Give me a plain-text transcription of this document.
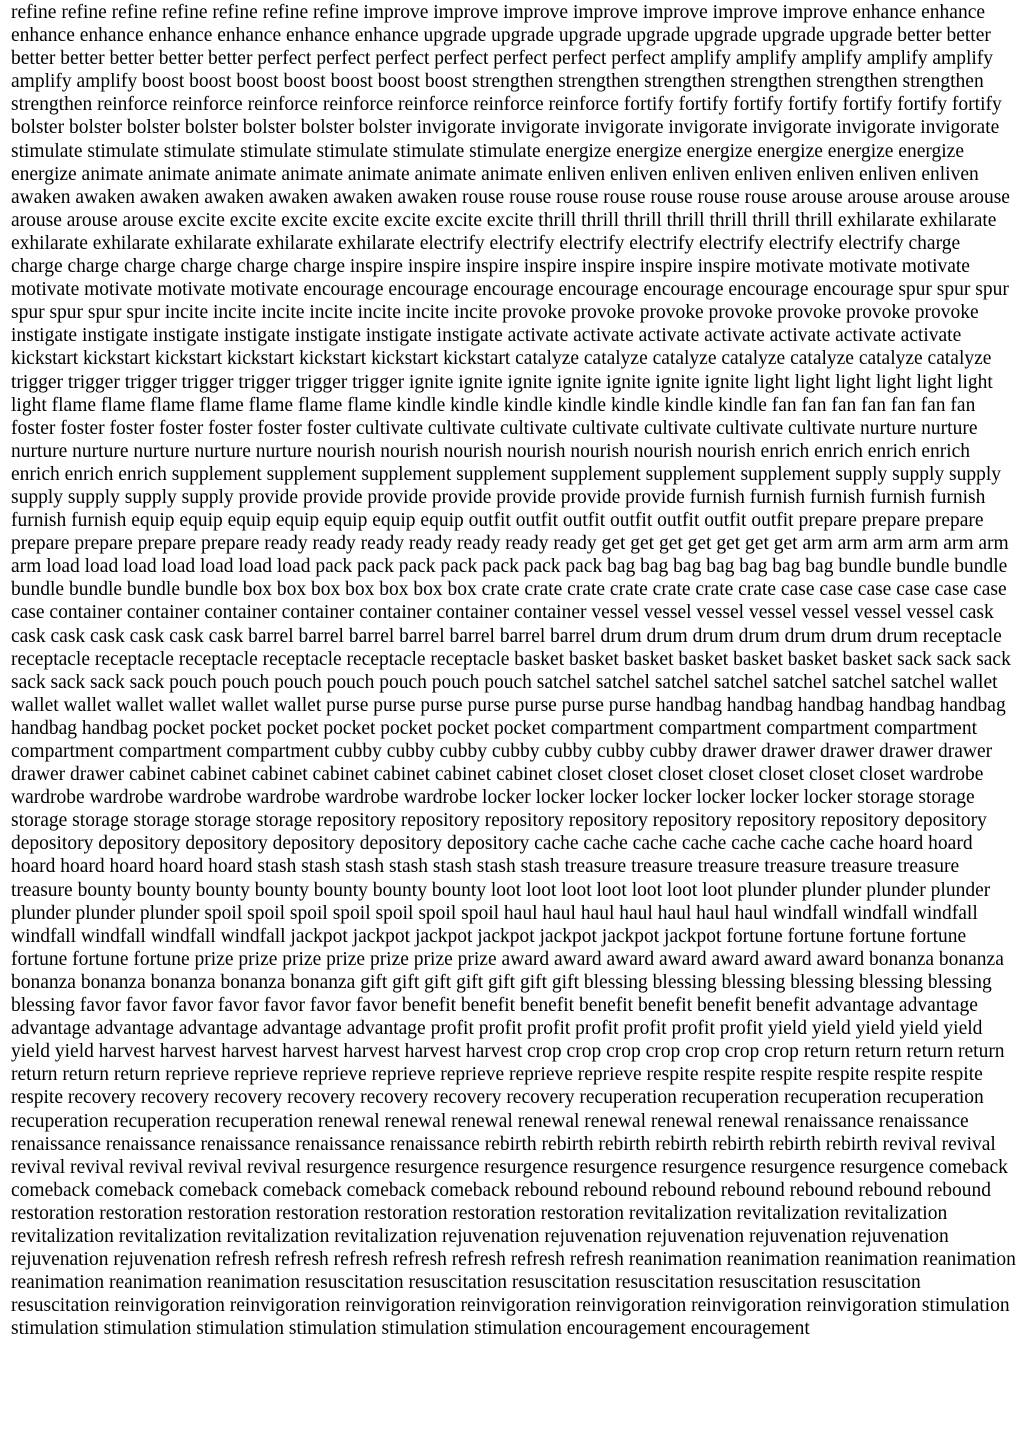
refine refine refine refine refine refine refine improve improve improve improve improve improve improve enhance enhance enhance enhance enhance enhance enhance enhance upgrade upgrade upgrade upgrade upgrade upgrade upgrade better better better better better better better perfect perfect perfect perfect perfect perfect perfect amplify amplify amplify amplify amplify amplify amplify boost boost boost boost boost boost boost strengthen strengthen strengthen strengthen strengthen strengthen strengthen reinforce reinforce reinforce reinforce reinforce reinforce reinforce fortify fortify fortify fortify fortify fortify fortify bolster bolster bolster bolster bolster bolster bolster invigorate invigorate invigorate invigorate invigorate invigorate invigorate stimulate stimulate stimulate stimulate stimulate stimulate stimulate energize energize energize energize energize energize energize animate animate animate animate animate animate animate enliven enliven enliven enliven enliven enliven enliven awaken awaken awaken awaken awaken awaken awaken rouse rouse rouse rouse rouse rouse rouse arouse arouse arouse arouse arouse arouse arouse excite excite excite excite excite excite excite thrill thrill thrill thrill thrill thrill thrill exhilarate exhilarate exhilarate exhilarate exhilarate exhilarate exhilarate electrify electrify electrify electrify electrify electrify electrify charge charge charge charge charge charge charge inspire inspire inspire inspire inspire inspire inspire motivate motivate motivate motivate motivate motivate motivate encourage encourage encourage encourage encourage encourage encourage spur spur spur spur spur spur spur incite incite incite incite incite incite incite provoke provoke provoke provoke provoke provoke provoke instigate instigate instigate instigate instigate instigate instigate activate activate activate activate activate activate activate kickstart kickstart kickstart kickstart kickstart kickstart kickstart catalyze catalyze catalyze catalyze catalyze catalyze catalyze trigger trigger trigger trigger trigger trigger trigger ignite ignite ignite ignite ignite ignite ignite light light light light light light light flame flame flame flame flame flame flame kindle kindle kindle kindle kindle kindle kindle fan fan fan fan fan fan fan foster foster foster foster foster foster foster cultivate cultivate cultivate cultivate cultivate cultivate cultivate nurture nurture nurture nurture nurture nurture nurture nourish nourish nourish nourish nourish nourish nourish enrich enrich enrich enrich enrich enrich enrich supplement supplement supplement supplement supplement supplement supplement supply supply supply supply supply supply supply provide provide provide provide provide provide provide furnish furnish furnish furnish furnish furnish furnish equip equip equip equip equip equip equip outfit outfit outfit outfit outfit outfit outfit prepare prepare prepare prepare prepare prepare prepare ready ready ready ready ready ready ready get get get get get get get arm arm arm arm arm arm arm load load load load load load load pack pack pack pack pack pack pack bag bag bag bag bag bag bag bundle bundle bundle bundle bundle bundle bundle box box box box box box box crate crate crate crate crate crate crate case case case case case case case container container container container container container container vessel vessel vessel vessel vessel vessel vessel cask cask cask cask cask cask cask barrel barrel barrel barrel barrel barrel barrel drum drum drum drum drum drum drum receptacle receptacle receptacle receptacle receptacle receptacle receptacle basket basket basket basket basket basket basket sack sack sack sack sack sack sack pouch pouch pouch pouch pouch pouch pouch satchel satchel satchel satchel satchel satchel satchel wallet wallet wallet wallet wallet wallet wallet purse purse purse purse purse purse purse handbag handbag handbag handbag handbag handbag handbag pocket pocket pocket pocket pocket pocket pocket compartment compartment compartment compartment compartment compartment compartment cubby cubby cubby cubby cubby cubby cubby drawer drawer drawer drawer drawer drawer drawer cabinet cabinet cabinet cabinet cabinet cabinet cabinet closet closet closet closet closet closet closet wardrobe wardrobe wardrobe wardrobe wardrobe wardrobe wardrobe locker locker locker locker locker locker locker storage storage storage storage storage storage storage repository repository repository repository repository repository repository depository depository depository depository depository depository depository cache cache cache cache cache cache cache hoard hoard hoard hoard hoard hoard hoard stash stash stash stash stash stash stash treasure treasure treasure treasure treasure treasure treasure bounty bounty bounty bounty bounty bounty bounty loot loot loot loot loot loot loot plunder plunder plunder plunder plunder plunder plunder spoil spoil spoil spoil spoil spoil spoil haul haul haul haul haul haul haul windfall windfall windfall windfall windfall windfall windfall jackpot jackpot jackpot jackpot jackpot jackpot jackpot fortune fortune fortune fortune fortune fortune fortune prize prize prize prize prize prize prize award award award award award award award bonanza bonanza bonanza bonanza bonanza bonanza bonanza gift gift gift gift gift gift gift blessing blessing blessing blessing blessing blessing blessing favor favor favor favor favor favor favor benefit benefit benefit benefit benefit benefit benefit advantage advantage advantage advantage advantage advantage advantage profit profit profit profit profit profit profit yield yield yield yield yield yield yield harvest harvest harvest harvest harvest harvest harvest crop crop crop crop crop crop crop return return return return return return return reprieve reprieve reprieve reprieve reprieve reprieve reprieve respite respite respite respite respite respite respite recovery recovery recovery recovery recovery recovery recovery recuperation recuperation recuperation recuperation recuperation recuperation recuperation renewal renewal renewal renewal renewal renewal renewal renaissance renaissance renaissance renaissance renaissance renaissance renaissance rebirth rebirth rebirth rebirth rebirth rebirth rebirth revival revival revival revival revival revival revival resurgence resurgence resurgence resurgence resurgence resurgence resurgence comeback comeback comeback comeback comeback comeback comeback rebound rebound rebound rebound rebound rebound rebound restoration restoration restoration restoration restoration restoration restoration revitalization revitalization revitalization revitalization revitalization revitalization revitalization rejuvenation rejuvenation rejuvenation rejuvenation rejuvenation rejuvenation rejuvenation refresh refresh refresh refresh refresh refresh refresh reanimation reanimation reanimation reanimation reanimation reanimation reanimation resuscitation resuscitation resuscitation resuscitation resuscitation resuscitation resuscitation reinvigoration reinvigoration reinvigoration reinvigoration reinvigoration reinvigoration reinvigoration stimulation stimulation stimulation stimulation stimulation stimulation stimulation encouragement encouragement
